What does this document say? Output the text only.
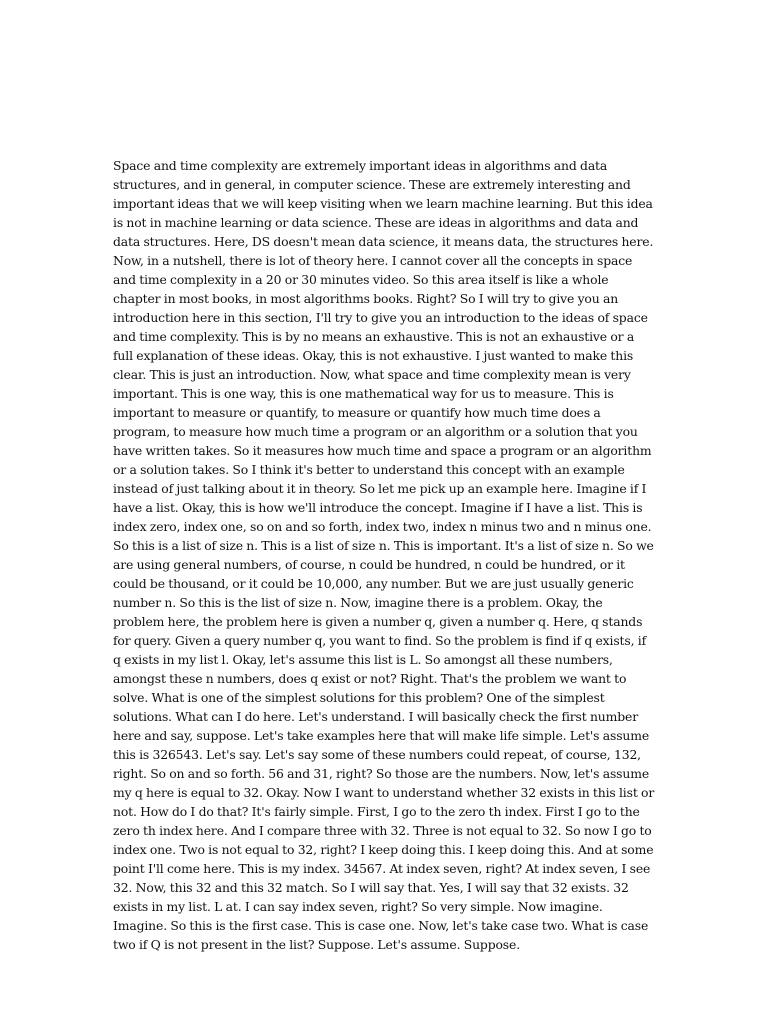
Space and time complexity are extremely important ideas in algorithms and data structures, and in general, in computer science. These are extremely interesting and important ideas that we will keep visiting when we learn machine learning. But this idea is not in machine learning or data science. These are ideas in algorithms and data and data structures. Here, DS doesn't mean data science, it means data, the structures here. Now, in a nutshell, there is lot of theory here. I cannot cover all the concepts in space and time complexity in a 20 or 30 minutes video. So this area itself is like a whole chapter in most books, in most algorithms books. Right? So I will try to give you an introduction here in this section, I'll try to give you an introduction to the ideas of space and time complexity. This is by no means an exhaustive. This is not an exhaustive or a full explanation of these ideas. Okay, this is not exhaustive. I just wanted to make this clear. This is just an introduction. Now, what space and time complexity mean is very important. This is one way, this is one mathematical way for us to measure. This is important to measure or quantify, to measure or quantify how much time does a program, to measure how much time a program or an algorithm or a solution that you have written takes. So it measures how much time and space a program or an algorithm or a solution takes. So I think it's better to understand this concept with an example instead of just talking about it in theory. So let me pick up an example here. Imagine if I have a list. Okay, this is how we'll introduce the concept. Imagine if I have a list. This is index zero, index one, so on and so forth, index two, index n minus two and n minus one. So this is a list of size n. This is a list of size n. This is important. It's a list of size n. So we are using general numbers, of course, n could be hundred, n could be hundred, or it could be thousand, or it could be 10,000, any number. But we are just usually generic number n. So this is the list of size n. Now, imagine there is a problem. Okay, the problem here, the problem here is given a number q, given a number q. Here, q stands for query. Given a query number q, you want to find. So the problem is find if q exists, if q exists in my list l. Okay, let's assume this list is L. So amongst all these numbers, amongst these n numbers, does q exist or not? Right. That's the problem we want to solve. What is one of the simplest solutions for this problem? One of the simplest solutions. What can I do here. Let's understand. I will basically check the first number here and say, suppose. Let's take examples here that will make life simple. Let's assume this is 326543. Let's say. Let's say some of these numbers could repeat, of course, 132, right. So on and so forth. 56 and 31, right? So those are the numbers. Now, let's assume my q here is equal to 32. Okay. Now I want to understand whether 32 exists in this list or not. How do I do that? It's fairly simple. First, I go to the zero th index. First I go to the zero th index here. And I compare three with 32. Three is not equal to 32. So now I go to index one. Two is not equal to 32, right? I keep doing this. I keep doing this. And at some point I'll come here. This is my index. 34567. At index seven, right? At index seven, I see 32. Now, this 32 and this 32 match. So I will say that. Yes, I will say that 32 exists. 32 exists in my list. L at. I can say index seven, right? So very simple. Now imagine. Imagine. So this is the first case. This is case one. Now, let's take case two. What is case two if Q is not present in the list? Suppose. Let's assume. Suppose.
